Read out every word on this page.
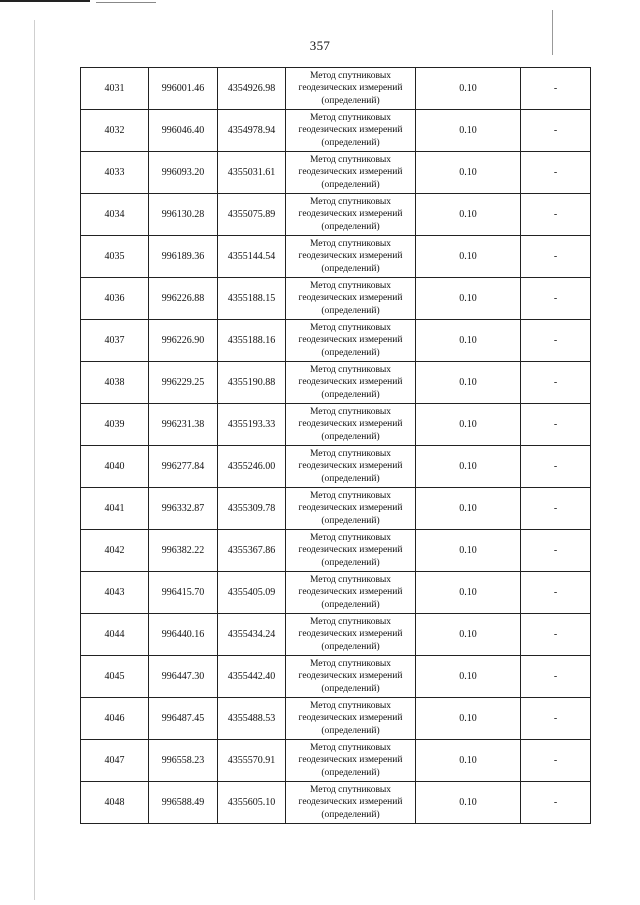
357
4031	996001.46	4354926.98	Метод спутниковых
геодезических измерений
(определений)	0.10	-
4032	996046.40	4354978.94	Метод спутниковых
геодезических измерений
(определений)	0.10	-
4033	996093.20	4355031.61	Метод спутниковых
геодезических измерений
(определений)	0.10	-
4034	996130.28	4355075.89	Метод спутниковых
геодезических измерений
(определений)	0.10	-
4035	996189.36	4355144.54	Метод спутниковых
геодезических измерений
(определений)	0.10	-
4036	996226.88	4355188.15	Метод спутниковых
геодезических измерений
(определений)	0.10	-
4037	996226.90	4355188.16	Метод спутниковых
геодезических измерений
(определений)	0.10	-
4038	996229.25	4355190.88	Метод спутниковых
геодезических измерений
(определений)	0.10	-
4039	996231.38	4355193.33	Метод спутниковых
геодезических измерений
(определений)	0.10	-
4040	996277.84	4355246.00	Метод спутниковых
геодезических измерений
(определений)	0.10	-
4041	996332.87	4355309.78	Метод спутниковых
геодезических измерений
(определений)	0.10	-
4042	996382.22	4355367.86	Метод спутниковых
геодезических измерений
(определений)	0.10	-
4043	996415.70	4355405.09	Метод спутниковых
геодезических измерений
(определений)	0.10	-
4044	996440.16	4355434.24	Метод спутниковых
геодезических измерений
(определений)	0.10	-
4045	996447.30	4355442.40	Метод спутниковых
геодезических измерений
(определений)	0.10	-
4046	996487.45	4355488.53	Метод спутниковых
геодезических измерений
(определений)	0.10	-
4047	996558.23	4355570.91	Метод спутниковых
геодезических измерений
(определений)	0.10	-
4048	996588.49	4355605.10	Метод спутниковых
геодезических измерений
(определений)	0.10	-
